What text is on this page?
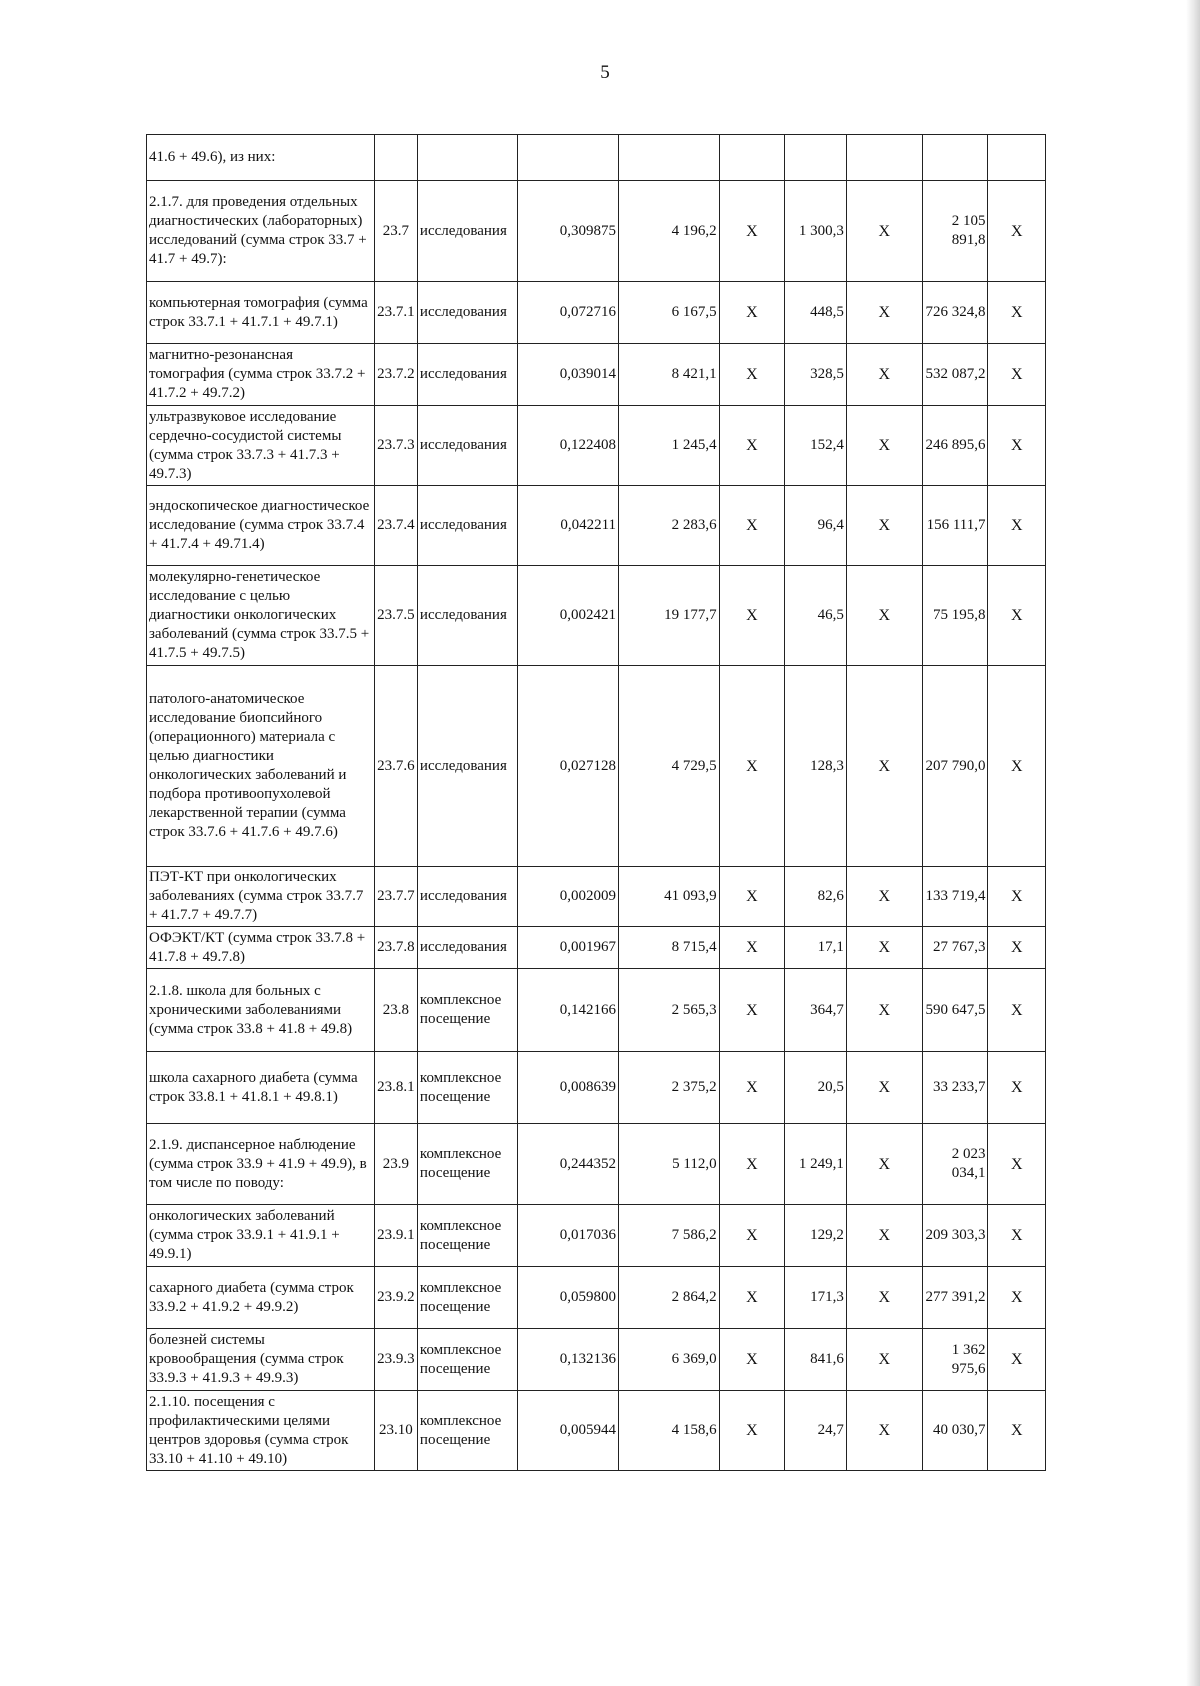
5
41.6 + 49.6), из них:									
2.1.7. для проведения отдельных диагностических (лабораторных) исследований (сумма строк 33.7 + 41.7 + 49.7):	23.7	исследования	0,309875	4 196,2	X	1 300,3	X	2 105 891,8	X
компьютерная томография (сумма строк 33.7.1 + 41.7.1 + 49.7.1)	23.7.1	исследования	0,072716	6 167,5	X	448,5	X	726 324,8	X
магнитно-резонансная томография (сумма строк 33.7.2 + 41.7.2 + 49.7.2)	23.7.2	исследования	0,039014	8 421,1	X	328,5	X	532 087,2	X
ультразвуковое исследование сердечно-сосудистой системы (сумма строк 33.7.3 + 41.7.3 + 49.7.3)	23.7.3	исследования	0,122408	1 245,4	X	152,4	X	246 895,6	X
эндоскопическое диагностическое исследование (сумма строк 33.7.4 + 41.7.4 + 49.71.4)	23.7.4	исследования	0,042211	2 283,6	X	96,4	X	156 111,7	X
молекулярно-генетическое исследование с целью диагностики онкологических заболеваний (сумма строк 33.7.5 + 41.7.5 + 49.7.5)	23.7.5	исследования	0,002421	19 177,7	X	46,5	X	75 195,8	X
патолого-анатомическое исследование биопсийного (операционного) материала с целью диагностики онкологических заболеваний и подбора противоопухолевой лекарственной терапии (сумма строк 33.7.6 + 41.7.6 + 49.7.6)	23.7.6	исследования	0,027128	4 729,5	X	128,3	X	207 790,0	X
ПЭТ-КТ при онкологических заболеваниях (сумма строк 33.7.7 + 41.7.7 + 49.7.7)	23.7.7	исследования	0,002009	41 093,9	X	82,6	X	133 719,4	X
ОФЭКТ/КТ (сумма строк 33.7.8 + 41.7.8 + 49.7.8)	23.7.8	исследования	0,001967	8 715,4	X	17,1	X	27 767,3	X
2.1.8. школа для больных с хроническими заболеваниями (сумма строк 33.8 + 41.8 + 49.8)	23.8	комплексное посещение	0,142166	2 565,3	X	364,7	X	590 647,5	X
школа сахарного диабета (сумма строк 33.8.1 + 41.8.1 + 49.8.1)	23.8.1	комплексное посещение	0,008639	2 375,2	X	20,5	X	33 233,7	X
2.1.9. диспансерное наблюдение (сумма строк 33.9 + 41.9 + 49.9), в том числе по поводу:	23.9	комплексное посещение	0,244352	5 112,0	X	1 249,1	X	2 023 034,1	X
онкологических заболеваний (сумма строк 33.9.1 + 41.9.1 + 49.9.1)	23.9.1	комплексное посещение	0,017036	7 586,2	X	129,2	X	209 303,3	X
сахарного диабета (сумма строк 33.9.2 + 41.9.2 + 49.9.2)	23.9.2	комплексное посещение	0,059800	2 864,2	X	171,3	X	277 391,2	X
болезней системы кровообращения (сумма строк 33.9.3 + 41.9.3 + 49.9.3)	23.9.3	комплексное посещение	0,132136	6 369,0	X	841,6	X	1 362 975,6	X
2.1.10. посещения с профилактическими целями центров здоровья (сумма строк 33.10 + 41.10 + 49.10)	23.10	комплексное посещение	0,005944	4 158,6	X	24,7	X	40 030,7	X
